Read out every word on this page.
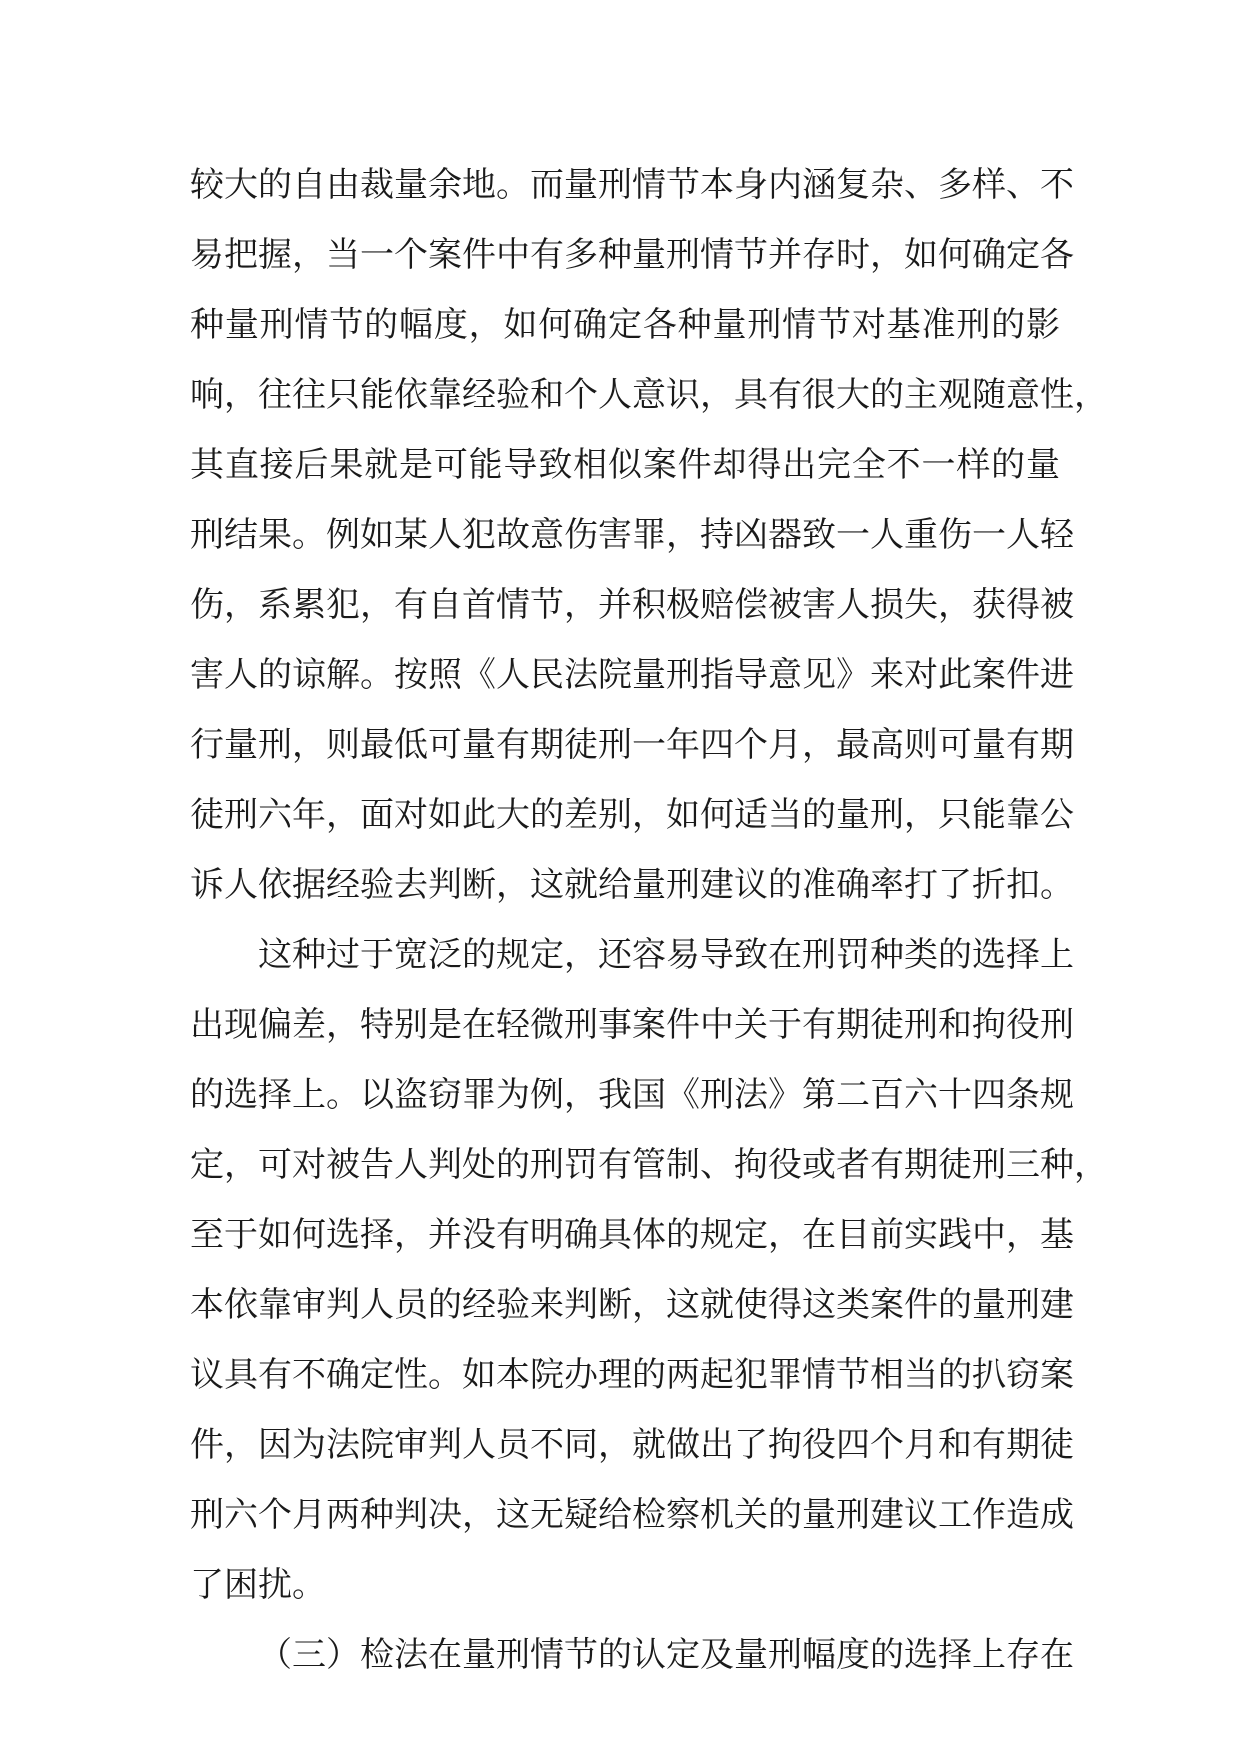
较大的自由裁量余地。而量刑情节本身内涵复杂、多样、不
易把握，当一个案件中有多种量刑情节并存时，如何确定各
种量刑情节的幅度，如何确定各种量刑情节对基准刑的影
响，往往只能依靠经验和个人意识，具有很大的主观随意性，
其直接后果就是可能导致相似案件却得出完全不一样的量
刑结果。例如某人犯故意伤害罪，持凶器致一人重伤一人轻
伤，系累犯，有自首情节，并积极赔偿被害人损失，获得被
害人的谅解。按照《人民法院量刑指导意见》来对此案件进
行量刑，则最低可量有期徒刑一年四个月，最高则可量有期
徒刑六年，面对如此大的差别，如何适当的量刑，只能靠公
诉人依据经验去判断，这就给量刑建议的准确率打了折扣。
这种过于宽泛的规定，还容易导致在刑罚种类的选择上
出现偏差，特别是在轻微刑事案件中关于有期徒刑和拘役刑
的选择上。以盗窃罪为例，我国《刑法》第二百六十四条规
定，可对被告人判处的刑罚有管制、拘役或者有期徒刑三种，
至于如何选择，并没有明确具体的规定，在目前实践中，基
本依靠审判人员的经验来判断，这就使得这类案件的量刑建
议具有不确定性。如本院办理的两起犯罪情节相当的扒窃案
件，因为法院审判人员不同，就做出了拘役四个月和有期徒
刑六个月两种判决，这无疑给检察机关的量刑建议工作造成
了困扰。
（三）检法在量刑情节的认定及量刑幅度的选择上存在
